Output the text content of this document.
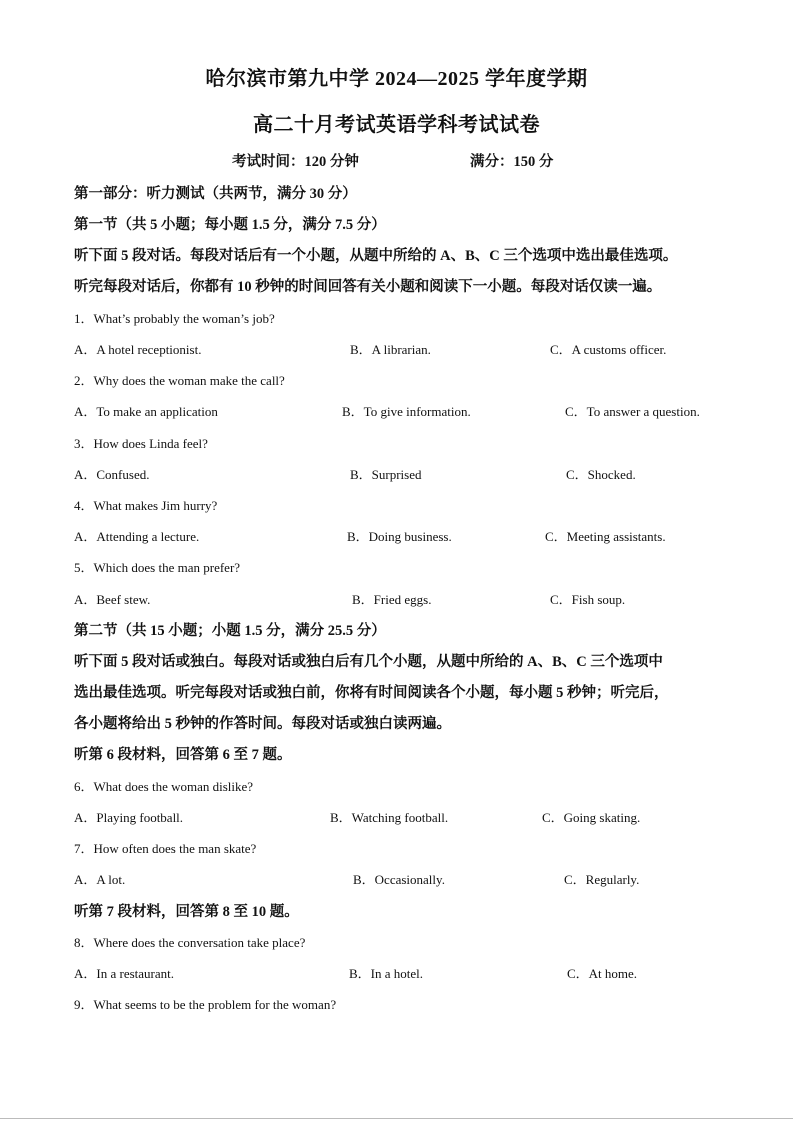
哈尔滨市第九中学 2024—2025 学年度学期
高二十月考试英语学科考试试卷
考试时间：120 分钟	满分：150 分
第一部分：听力测试（共两节，满分 30 分）
第一节（共 5 小题；每小题 1.5 分，满分 7.5 分）
听下面 5 段对话。每段对话后有一个小题，从题中所给的 A、B、C 三个选项中选出最佳选项。
听完每段对话后，你都有 10 秒钟的时间回答有关小题和阅读下一小题。每段对话仅读一遍。
1．What’s probably the woman’s job?
A．A hotel receptionist.	B．A librarian.	C．A customs officer.
2．Why does the woman make the call?
A．To make an application	B．To give information.	C．To answer a question.
3．How does Linda feel?
A．Confused.	B．Surprised	C．Shocked.
4．What makes Jim hurry?
A．Attending a lecture.	B．Doing business.	C．Meeting assistants.
5．Which does the man prefer?
A．Beef stew.	B．Fried eggs.	C．Fish soup.
第二节（共 15 小题；小题 1.5 分，满分 25.5 分）
听下面 5 段对话或独白。每段对话或独白后有几个小题，从题中所给的 A、B、C 三个选项中
选出最佳选项。听完每段对话或独白前，你将有时间阅读各个小题，每小题 5 秒钟；听完后，
各小题将给出 5 秒钟的作答时间。每段对话或独白读两遍。
听第 6 段材料，回答第 6 至 7 题。
6．What does the woman dislike?
A．Playing football.	B．Watching football.	C．Going skating.
7．How often does the man skate?
A．A lot.	B．Occasionally.	C．Regularly.
听第 7 段材料，回答第 8 至 10 题。
8．Where does the conversation take place?
A．In a restaurant.	B．In a hotel.	C．At home.
9．What seems to be the problem for the woman?
